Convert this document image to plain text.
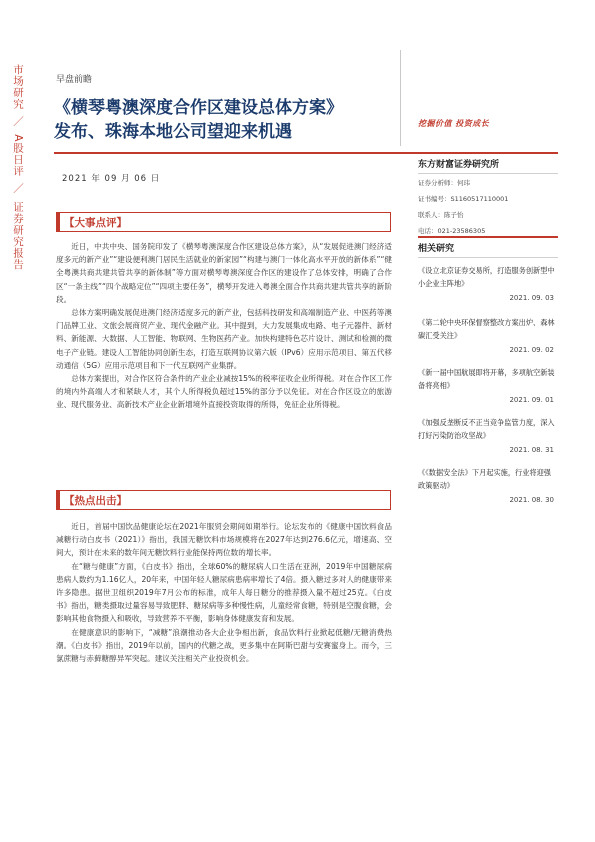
市场研究 ／ A股日评 ／ 证券研究报告
早盘前瞻
《横琴粤澳深度合作区建设总体方案》
发布、珠海本地公司望迎来机遇	挖掘价值 投资成长
2021 年 09 月 06 日
【大事点评】

近日，中共中央、国务院印发了《横琴粤澳深度合作区建设总体方案》，从“发展促进澳门经济适度多元的新产业”“建设便利澳门居民生活就业的新家园”“构建与澳门一体化高水平开放的新体系”“健全粤澳共商共建共管共享的新体制”等方面对横琴粤澳深度合作区的建设作了总体安排，明确了合作区“一条主线”“四个战略定位”“四项主要任务”，横琴开发进入粤澳全面合作共商共建共管共享的新阶段。

总体方案明确发展促进澳门经济适度多元的新产业，包括科技研发和高端制造产业、中医药等澳门品牌工业、文旅会展商贸产业、现代金融产业。其中提到，大力发展集成电路、电子元器件、新材料、新能源、大数据、人工智能、物联网、生物医药产业。加快构建特色芯片设计、测试和检测的微电子产业链。建设人工智能协同创新生态，打造互联网协议第六版（IPv6）应用示范项目、第五代移动通信（5G）应用示范项目和下一代互联网产业集群。

总体方案提出，对合作区符合条件的产业企业减按15%的税率征收企业所得税。对在合作区工作的境内外高端人才和紧缺人才，其个人所得税负超过15%的部分予以免征。对在合作区设立的旅游业、现代服务业、高新技术产业企业新增境外直接投资取得的所得，免征企业所得税。

【热点出击】

近日，首届中国饮品健康论坛在2021年服贸会期间如期举行。论坛发布的《健康中国饮料食品减糖行动白皮书（2021）》指出，我国无糖饮料市场规模将在2027年达到276.6亿元，增速高、空间大，预计在未来的数年间无糖饮料行业能保持两位数的增长率。

在“糖与健康”方面，《白皮书》指出，全球60%的糖尿病人口生活在亚洲，2019年中国糖尿病患病人数约为1.16亿人，20年来，中国年轻人糖尿病患病率增长了4倍。摄入糖过多对人的健康带来许多隐患。据世卫组织2019年7月公布的标准，成年人每日糖分的推荐摄入量不超过25克。《白皮书》指出，糖类摄取过量容易导致肥胖、糖尿病等多种慢性病，儿童经常食糖，特别是空腹食糖，会影响其他食物摄入和吸收，导致营养不平衡，影响身体健康发育和发展。

在健康意识的影响下，“减糖”浪潮推动各大企业争相出新，食品饮料行业掀起低糖/无糖消费热潮。《白皮书》指出，2019年以前，国内的代糖之战，更多集中在阿斯巴甜与安赛蜜身上。而今，三氯蔗糖与赤藓糖醇异军突起。建议关注相关产业投资机会。

东方财富证券研究所
证券分析师：何玮
证书编号：S1160517110001
联系人：陈子怡
电话：021-23586305
相关研究
《设立北京证券交易所，打造服务创新型中小企业主阵地》
2021. 09. 03
《第二轮中央环保督察整改方案出炉、森林碳汇受关注》
2021. 09. 02
《新一届中国航展即将开幕，多项航空新装备将亮相》
2021. 09. 01
《加强反垄断反不正当竞争监管力度，深入打好污染防治攻坚战》
2021. 08. 31
《《数据安全法》下月起实施，行业将迎强政策驱动》
2021. 08. 30
